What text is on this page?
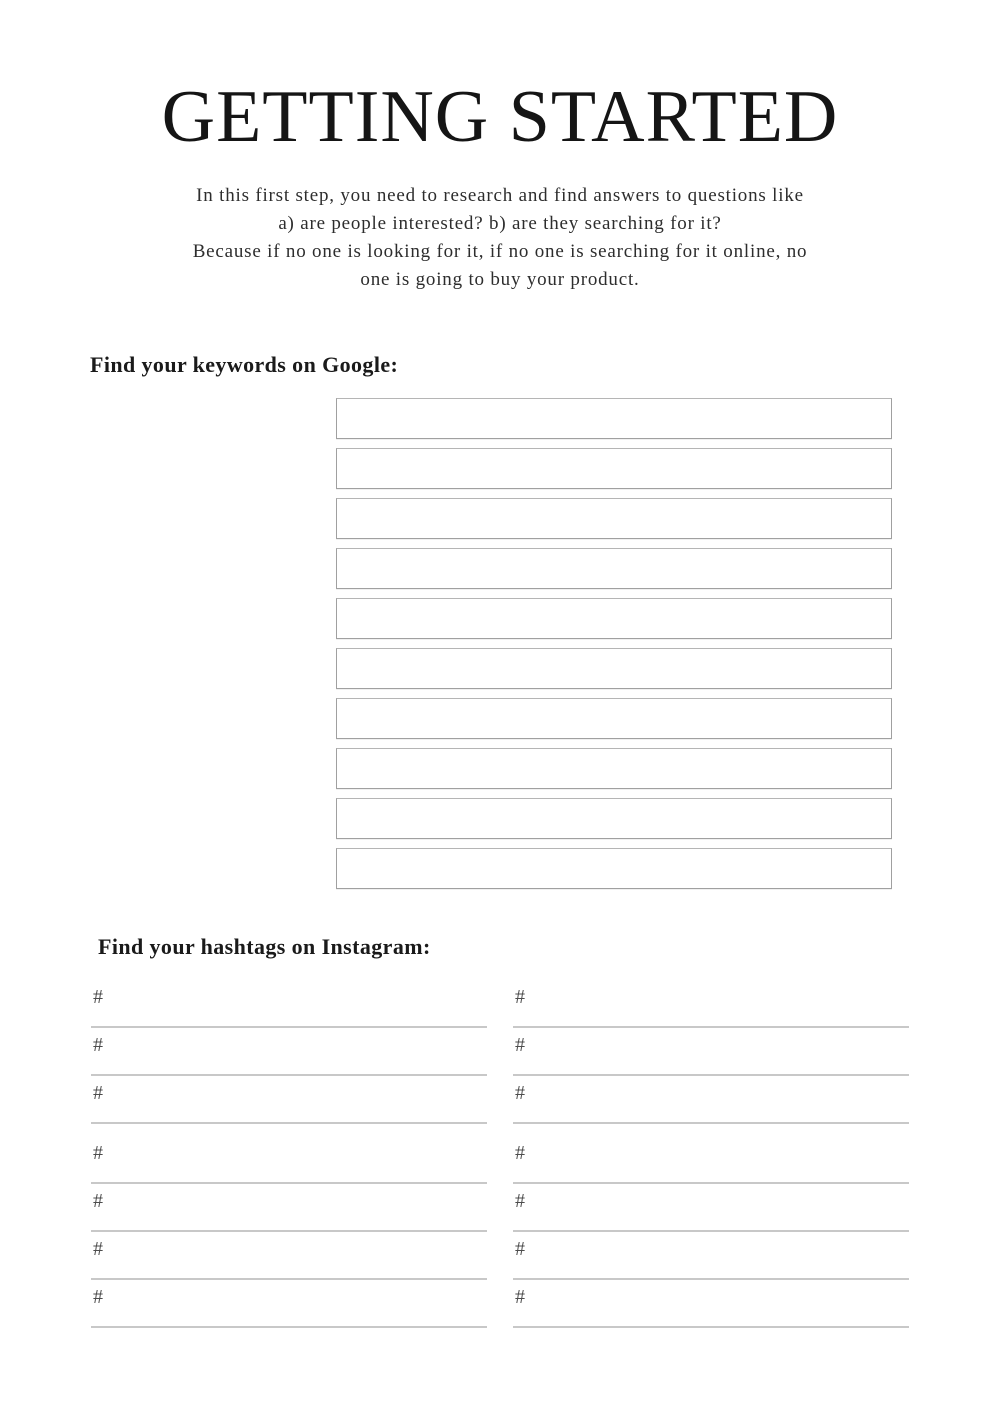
GETTING STARTED
In this first step, you need to research and find answers to questions like
a) are people interested? b) are they searching for it?
Because if no one is looking for it, if no one is searching for it online, no
one is going to buy your product.
Find your keywords on Google:
Find your hashtags on Instagram:
#
#
#
#
#
#
#
#
#
#
#
#
#
#
